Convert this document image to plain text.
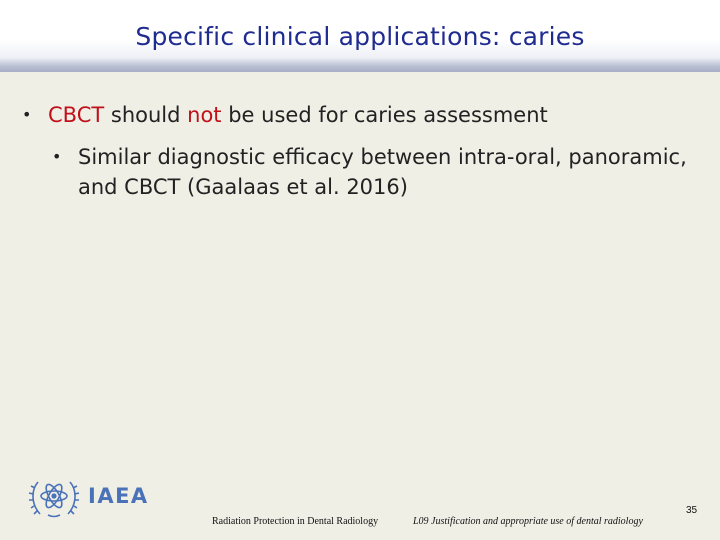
Specific clinical applications: caries
• CBCT should not be used for caries assessment
• Similar diagnostic efficacy between intra-oral, panoramic, and CBCT (Gaalaas et al. 2016)
IAEA
Radiation Protection in Dental Radiology	L09 Justification and appropriate use of dental radiology
35
